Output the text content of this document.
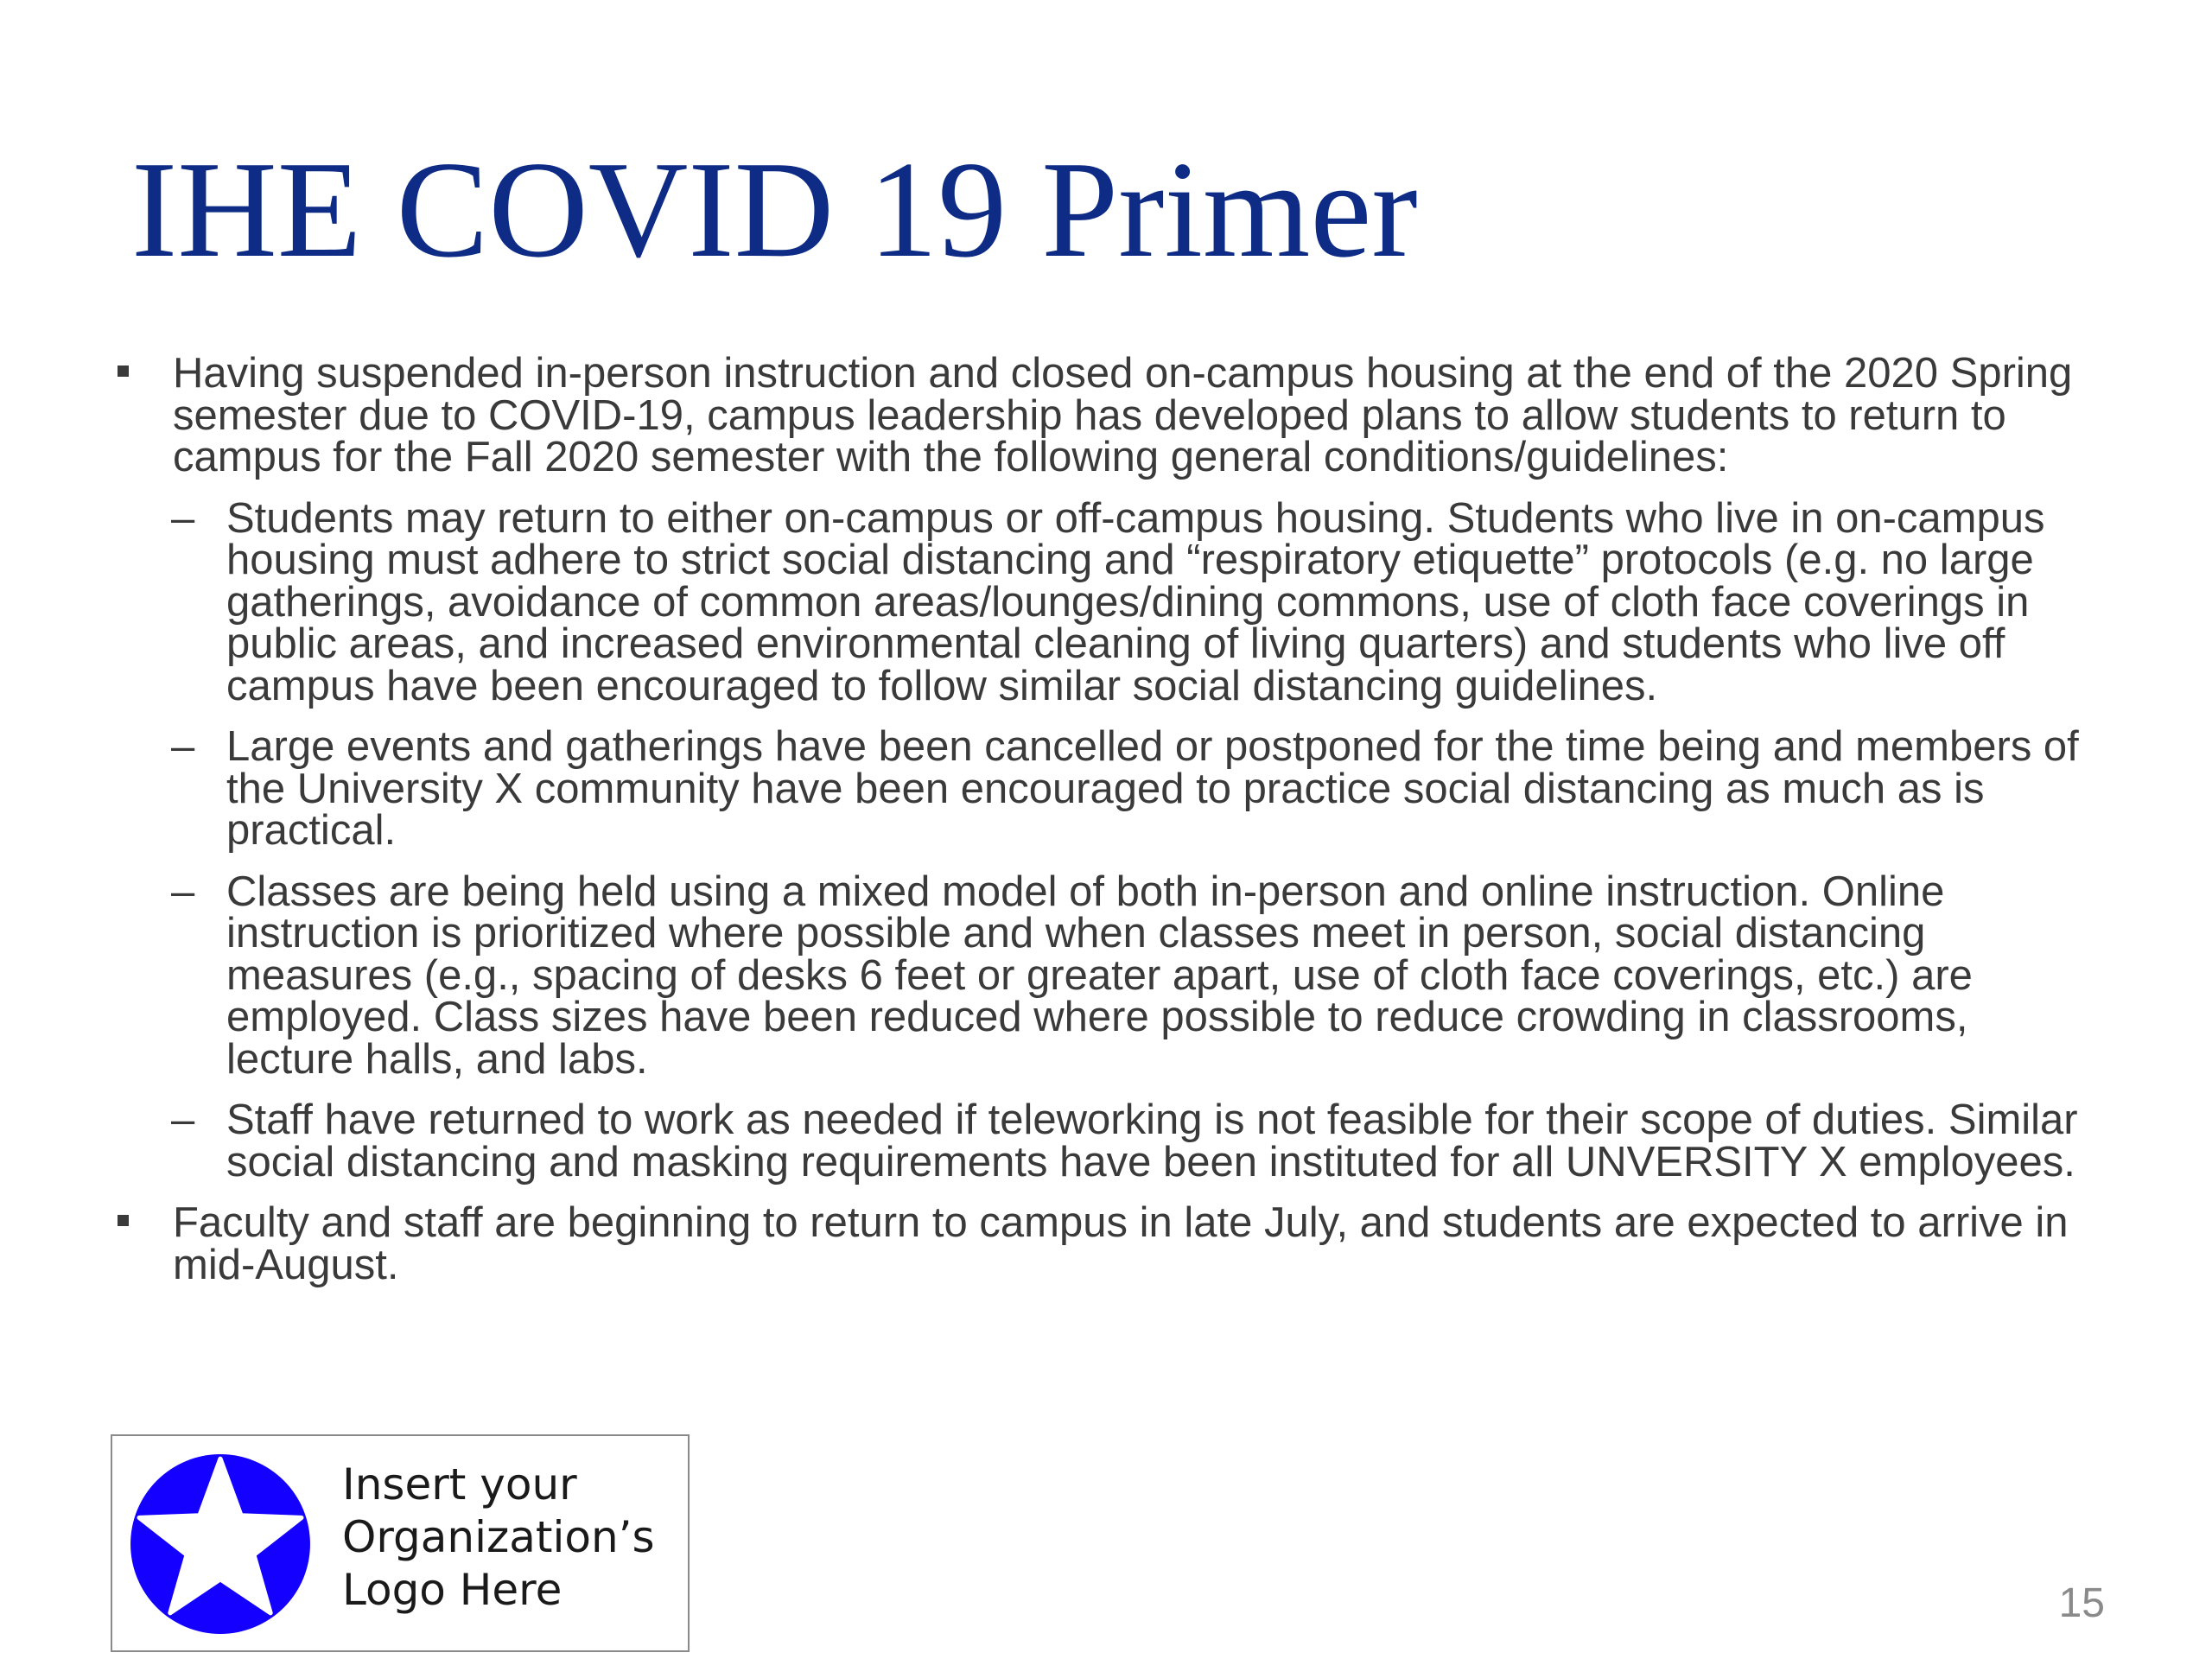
IHE COVID 19 Primer
Having suspended in-person instruction and closed on-campus housing at the end of the 2020 Spring semester due to COVID-19, campus leadership has developed plans to allow students to return to campus for the Fall 2020 semester with the following general conditions/guidelines:
– Students may return to either on-campus or off-campus housing. Students who live in on-campus housing must adhere to strict social distancing and “respiratory etiquette” protocols (e.g. no large gatherings, avoidance of common areas/lounges/dining commons, use of cloth face coverings in public areas, and increased environmental cleaning of living quarters) and students who live off campus have been encouraged to follow similar social distancing guidelines.
– Large events and gatherings have been cancelled or postponed for the time being and members of the University X community have been encouraged to practice social distancing as much as is practical.
– Classes are being held using a mixed model of both in-person and online instruction. Online instruction is prioritized where possible and when classes meet in person, social distancing measures (e.g., spacing of desks 6 feet or greater apart, use of cloth face coverings, etc.) are employed. Class sizes have been reduced where possible to reduce crowding in classrooms, lecture halls, and labs.
– Staff have returned to work as needed if teleworking is not feasible for their scope of duties. Similar social distancing and masking requirements have been instituted for all UNVERSITY X employees.
Faculty and staff are beginning to return to campus in late July, and students are expected to arrive in mid-August.
Insert your
Organization’s
Logo Here	15
